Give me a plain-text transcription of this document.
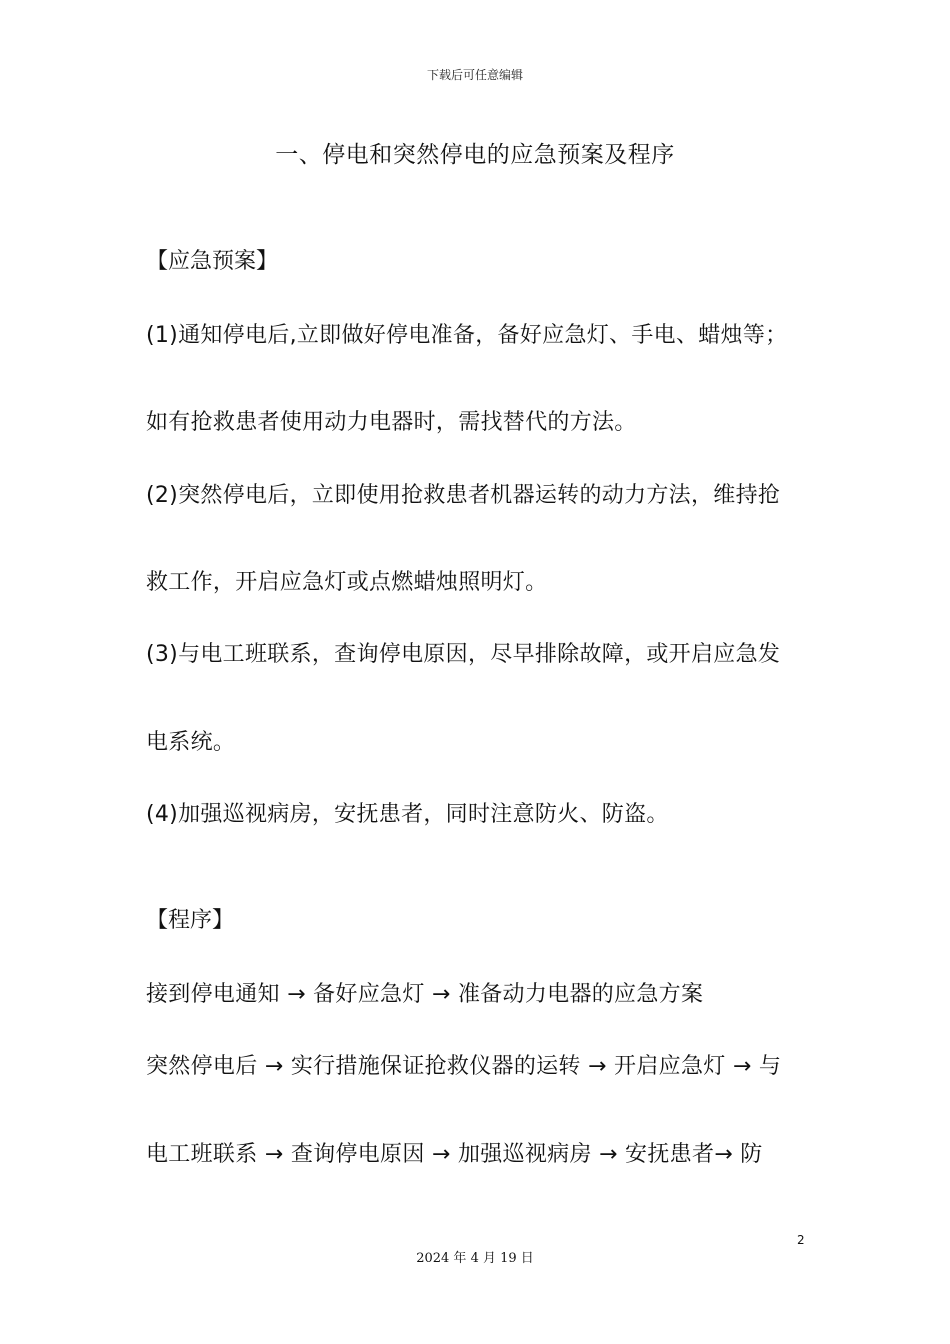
下载后可任意编辑
一、停电和突然停电的应急预案及程序
【应急预案】
(1)通知停电后,立即做好停电准备，备好应急灯、手电、蜡烛等；
如有抢救患者使用动力电器时，需找替代的方法。
(2)突然停电后，立即使用抢救患者机器运转的动力方法，维持抢
救工作，开启应急灯或点燃蜡烛照明灯。
(3)与电工班联系，查询停电原因，尽早排除故障，或开启应急发
电系统。
(4)加强巡视病房，安抚患者，同时注意防火、防盗。
【程序】
接到停电通知 → 备好应急灯 → 准备动力电器的应急方案
突然停电后 → 实行措施保证抢救仪器的运转 → 开启应急灯 → 与
电工班联系 → 查询停电原因 → 加强巡视病房 → 安抚患者→ 防
2
2024 年 4 月 19 日
